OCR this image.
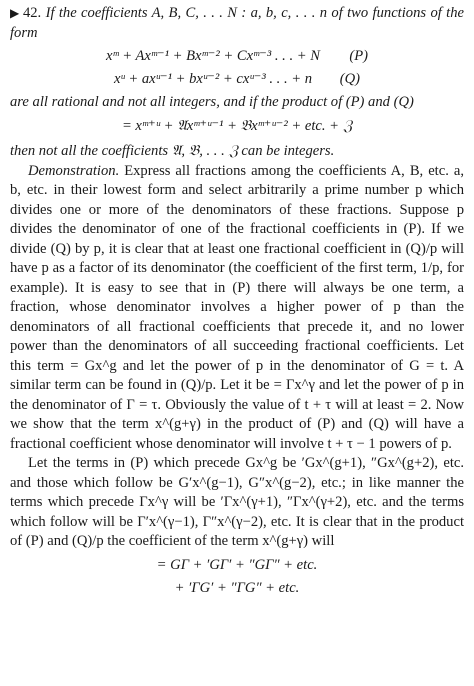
▶ 42. If the coefficients A, B, C, . . . N : a, b, c, . . . n of two functions of the form

xᵐ + Axᵐ⁻¹ + Bxᵐ⁻² + Cxᵐ⁻³ . . . + N	(P)
xᵘ + axᵘ⁻¹ + bxᵘ⁻² + cxᵘ⁻³ . . . + n	(Q)

are all rational and not all integers, and if the product of (P) and (Q)

= xᵐ⁺ᵘ + 𝔄xᵐ⁺ᵘ⁻¹ + 𝔅xᵐ⁺ᵘ⁻² + etc. + ℨ

then not all the coefficients 𝔄, 𝔅, . . . ℨ can be integers.

Demonstration. Express all fractions among the coefficients A, B, etc. a, b, etc. in their lowest form and select arbitrarily a prime number p which divides one or more of the denominators of these fractions. Suppose p divides the denominator of one of the fractional coefficients in (P). If we divide (Q) by p, it is clear that at least one fractional coefficient in (Q)/p will have p as a factor of its denominator (the coefficient of the first term, 1/p, for example). It is easy to see that in (P) there will always be one term, a fraction, whose denominator involves a higher power of p than the denominators of all fractional coefficients that precede it, and no lower power than the denominators of all succeeding fractional coefficients. Let this term = Gx^g and let the power of p in the denominator of G = t. A similar term can be found in (Q)/p. Let it be = Γx^γ and let the power of p in the denominator of Γ = τ. Obviously the value of t + τ will at least = 2. Now we show that the term x^(g+γ) in the product of (P) and (Q) will have a fractional coefficient whose denominator will involve t + τ − 1 powers of p.

Let the terms in (P) which precede Gx^g be ′Gx^(g+1), ″Gx^(g+2), etc. and those which follow be G′x^(g−1), G″x^(g−2), etc.; in like manner the terms which precede Γx^γ will be ′Γx^(γ+1), ″Γx^(γ+2), etc. and the terms which follow will be Γ′x^(γ−1), Γ″x^(γ−2), etc. It is clear that in the product of (P) and (Q)/p the coefficient of the term x^(g+γ) will

= GΓ + ′GΓ′ + ″GΓ″ + etc.

+ ′ΓG′ + ″ΓG″ + etc.
